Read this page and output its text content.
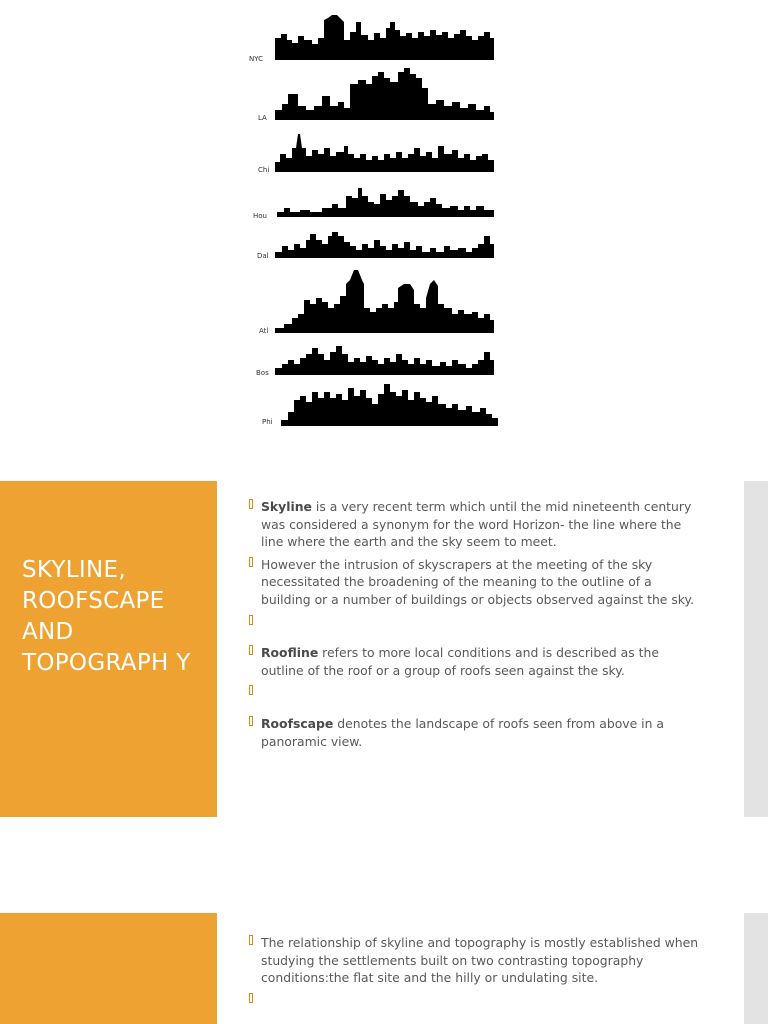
NYC
LA
Chi
Hou
Dal
Atl
Bos
Phi
SKYLINE, ROOFSCAPE AND TOPOGRAPH Y
Skyline is a very recent term which until the mid nineteenth century was considered a synonym for the word Horizon- the line where the line where the earth and the sky seem to meet.
However the intrusion of skyscrapers at the meeting of the sky necessitated the broadening of the meaning to the outline of a building or a number of buildings or objects observed against the sky.
Roofline refers to more local conditions and is described as the outline of the roof or a group of roofs seen against the sky.
Roofscape denotes the landscape of roofs seen from above in a panoramic view.
The relationship of skyline and topography is mostly established when studying the settlements built on two contrasting topography conditions:the flat site and the hilly or undulating site.
